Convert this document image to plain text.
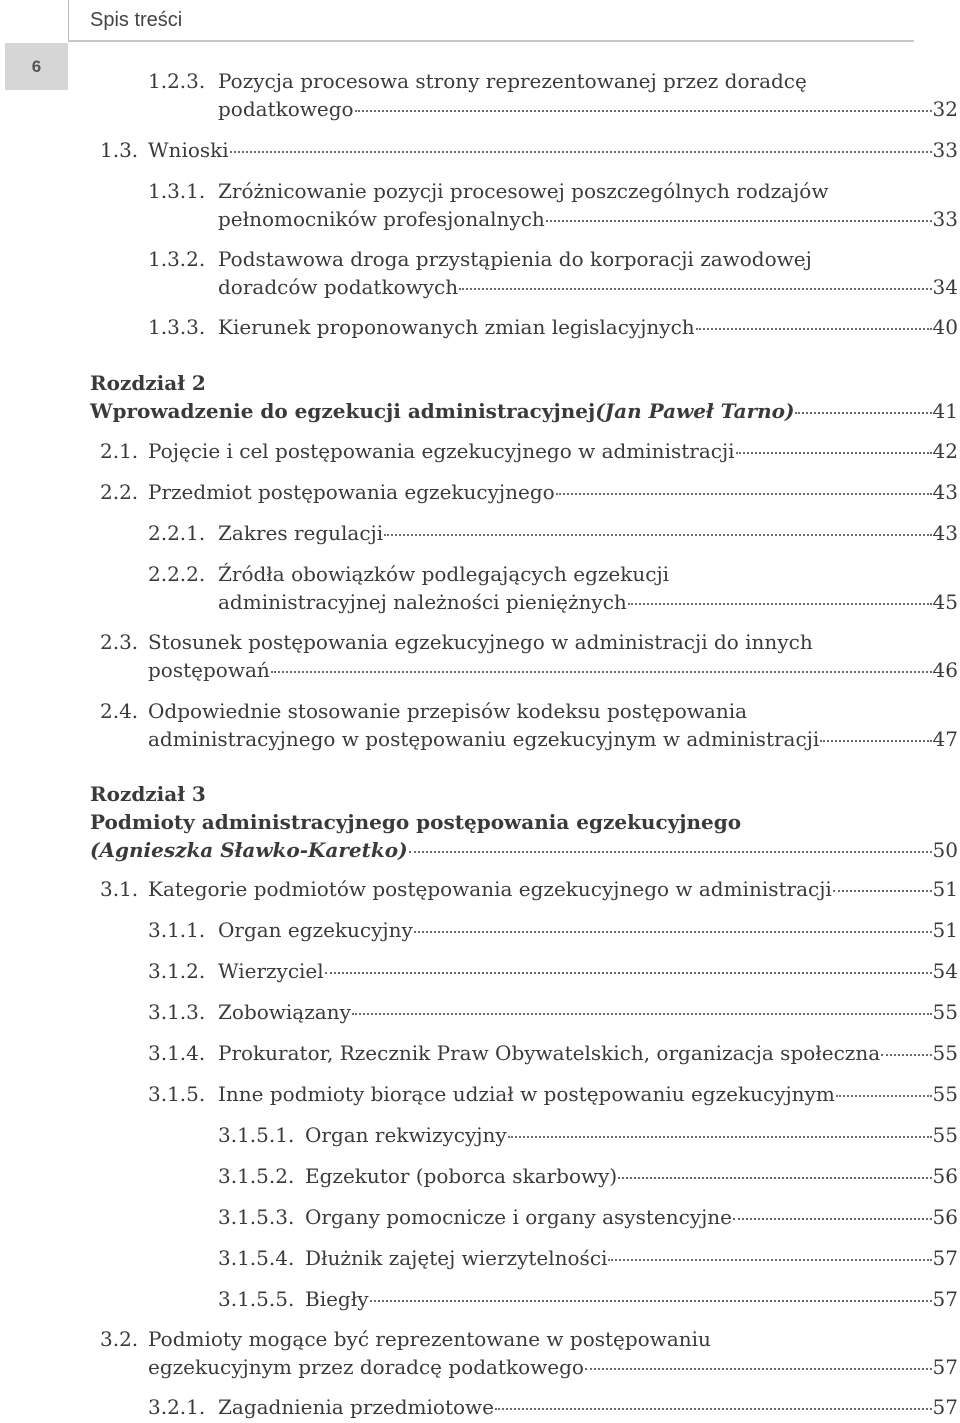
Spis treści
6
1.2.3. Pozycja procesowa strony reprezentowanej przez doradcę
podatkowego	32
1.3. Wnioski	33
1.3.1. Zróżnicowanie pozycji procesowej poszczególnych rodzajów
pełnomocników profesjonalnych	33
1.3.2. Podstawowa droga przystąpienia do korporacji zawodowej
doradców podatkowych	34
1.3.3. Kierunek proponowanych zmian legislacyjnych	40
Rozdział 2
Wprowadzenie do egzekucji administracyjnej (Jan Paweł Tarno)	41
2.1. Pojęcie i cel postępowania egzekucyjnego w administracji	42
2.2. Przedmiot postępowania egzekucyjnego	43
2.2.1. Zakres regulacji	43
2.2.2. Źródła obowiązków podlegających egzekucji
administracyjnej należności pieniężnych	45
2.3. Stosunek postępowania egzekucyjnego w administracji do innych
postępowań	46
2.4. Odpowiednie stosowanie przepisów kodeksu postępowania
administracyjnego w postępowaniu egzekucyjnym w administracji	47
Rozdział 3
Podmioty administracyjnego postępowania egzekucyjnego
(Agnieszka Sławko-Karetko)	50
3.1. Kategorie podmiotów postępowania egzekucyjnego w administracji	51
3.1.1. Organ egzekucyjny	51
3.1.2. Wierzyciel	54
3.1.3. Zobowiązany	55
3.1.4. Prokurator, Rzecznik Praw Obywatelskich, organizacja społeczna	55
3.1.5. Inne podmioty biorące udział w postępowaniu egzekucyjnym	55
3.1.5.1. Organ rekwizycyjny	55
3.1.5.2. Egzekutor (poborca skarbowy)	56
3.1.5.3. Organy pomocnicze i organy asystencyjne	56
3.1.5.4. Dłużnik zajętej wierzytelności	57
3.1.5.5. Biegły	57
3.2. Podmioty mogące być reprezentowane w postępowaniu
egzekucyjnym przez doradcę podatkowego	57
3.2.1. Zagadnienia przedmiotowe	57
